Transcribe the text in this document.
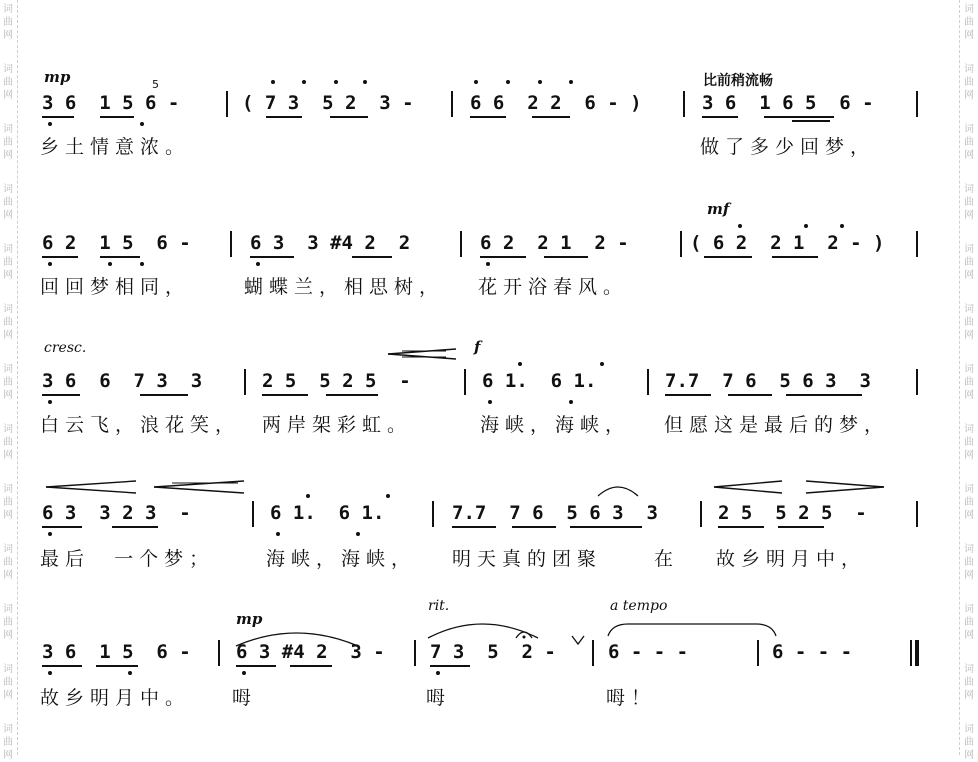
词
曲
网
词
曲
网
词
曲
网
词
曲
网
词
曲
网
词
曲
网
词
曲
网
词
曲
网
词
曲
网
词
曲
网
词
曲
网
词
曲
网
词
曲
网
词
曲
网
词
曲
网
词
曲
网
词
曲
网
词
曲
网
词
曲
网
词
曲
网
词
曲
网
词
曲
网
词
曲
网
词
曲
网
词
曲
网
词
曲
网
mp	比前稍流畅
5
3 6  1 5 6 -	( 7 3  5 2  3 -	6 6  2 2  6 - )	3 6  1 6 5  6 -
乡土情意浓。	做了多少回梦，
mf
6 2  1 5  6 -	6 3  3 #4 2  2	6 2  2 1  2 -	( 6 2  2 1  2 - )
回回梦相同，	蝴蝶兰，相思树， 花开浴春风。
cresc.	f
3 6  6  7 3  3	2 5  5 2 5  -	6 1.  6 1.	7.7  7 6  5 6 3  3
白云飞，浪花笑， 两岸架彩虹。	海峡，海峡， 但愿这是最后的梦，
6 3  3 2 3  -	6 1.  6 1.	7.7  7 6  5 6 3  3	2 5  5 2 5  -
最后  一个梦；	海峡，海峡， 明天真的团聚	在 故乡明月中，
mp
rit.	a tempo
3 6  1 5  6 - 6 3 #4 2  3 - 7 3  5  2 -	6 - - -	6 - - -
故乡明月中。 呣	呣	呣！
